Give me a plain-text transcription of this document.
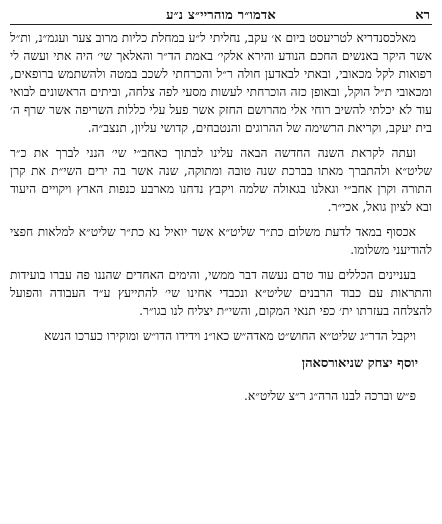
רא
אדמו״ר מוהריי״צ נ״ע

מאלכסנדריא לטריעסט ביום א׳ עקב, נחליתי ל״ע במחלת כליות מרוב צער ועגמ״נ, ות״ל אשר היקר באנשים החכם הנודע והירא אלקי׳ באמת הד״ר והאלאך שי׳ היה אתי ועשה לי רפואות לקל מכאובי, ובאתי לבאדען חולה ר״ל והכרחתי לשכב במטה ולהשתמש ברופאים, ומכאובי ת״ל הוקל, ובאופן כזה הוכרחתי לעשות מסעי לפה צלחה, וביתים הראשונים לבואי עוד לא יכלתי להשיב רוחי אלי מהרושם החזק אשר פעל עלי כללות השריפה אשר שרף ה׳ בית יעקב, וקריאת הרשימה של ההרוגים והנטבחים, קדושי עליון, תנצב״ה.

ועתה לקראת השנה החדשה הבאה עלינו לבתוך כאחב״י שי׳ הנני לברך את כ״ר שליט״א ולהתברך מאתו בברכת שנה טובה ומתוקה, שנה אשר בה ירים השי״ת את קרן התורה וקרן אחב״י וגאלנו בגאולה שלמה ויקבץ נדחנו מארבע כנפות הארץ ויקויים היעוד ובא לציון גואל, אכי״ר.

אכסוף במאד לדעת משלום כת״ר שליט״א אשר יואיל נא כת״ר שליט״א למלאות חפצי להודיעני משלומו.

בעניינים הכללים עוד טרם נעשה דבר ממשי, והימים האחדים שהננו פה עברו בועידות והתראות עם כבוד הרבנים שליט״א ונכבדי אחינו שי׳ להתייעץ ע״ד העבודה והפועל להצלחה בעזרתו ית׳ כפי תנאי המקום, והשי״ת יצליח לנו בגו״ר.

ויקבל הדר״ג שליט״א החוש״ט מאדה״ש כאו״נ וידידו הדו״ש ומוקירו כערכו הנשא

יוסף יצחק שניאורסאהן

פ״ש וברכה לבנו הרה״ג ר״צ שליט״א.
